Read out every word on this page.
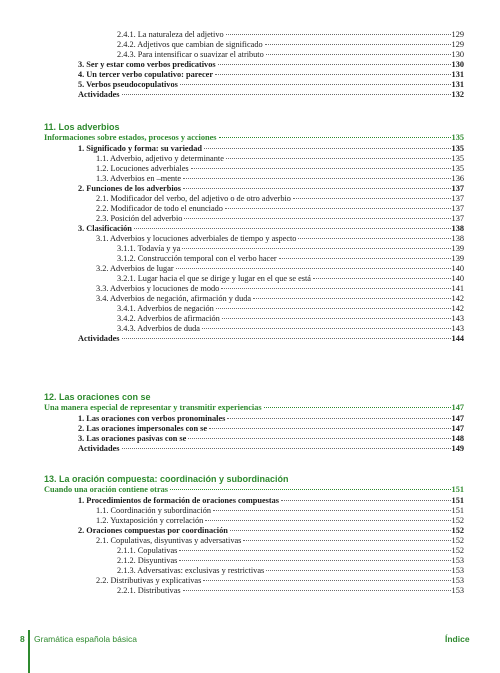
2.4.1. La naturaleza del adjetivo	129
2.4.2. Adjetivos que cambian de significado	129
2.4.3. Para intensificar o suavizar el atributo	130
3. Ser y estar como verbos predicativos	130
4. Un tercer verbo copulativo: parecer	131
5. Verbos pseudocopulativos	131
Actividades	132
11. Los adverbios
Informaciones sobre estados, procesos y acciones	135
1. Significado y forma: su variedad	135
1.1. Adverbio, adjetivo y determinante	135
1.2. Locuciones adverbiales	135
1.3. Adverbios en –mente	136
2. Funciones de los adverbios	137
2.1. Modificador del verbo, del adjetivo o de otro adverbio	137
2.2. Modificador de todo el enunciado	137
2.3. Posición del adverbio	137
3. Clasificación	138
3.1. Adverbios y locuciones adverbiales de tiempo y aspecto	138
3.1.1. Todavía y ya	139
3.1.2. Construcción temporal con el verbo hacer	139
3.2. Adverbios de lugar	140
3.2.1. Lugar hacia el que se dirige y lugar en el que se está	140
3.3. Adverbios y locuciones de modo	141
3.4. Adverbios de negación, afirmación y duda	142
3.4.1. Adverbios de negación	142
3.4.2. Adverbios de afirmación	143
3.4.3. Adverbios de duda	143
Actividades	144
12. Las oraciones con se
Una manera especial de representar y transmitir experiencias	147
1. Las oraciones con verbos pronominales	147
2. Las oraciones impersonales con se	147
3. Las oraciones pasivas con se	148
Actividades	149
13. La oración compuesta: coordinación y subordinación
Cuando una oración contiene otras	151
1. Procedimientos de formación de oraciones compuestas	151
1.1. Coordinación y subordinación	151
1.2. Yuxtaposición y correlación	152
2. Oraciones compuestas por coordinación	152
2.1. Copulativas, disyuntivas y adversativas	152
2.1.1. Copulativas	152
2.1.2. Disyuntivas	153
2.1.3. Adversativas: exclusivas y restrictivas	153
2.2. Distributivas y explicativas	153
2.2.1. Distributivas	153
8 Gramática española básica	Índice
